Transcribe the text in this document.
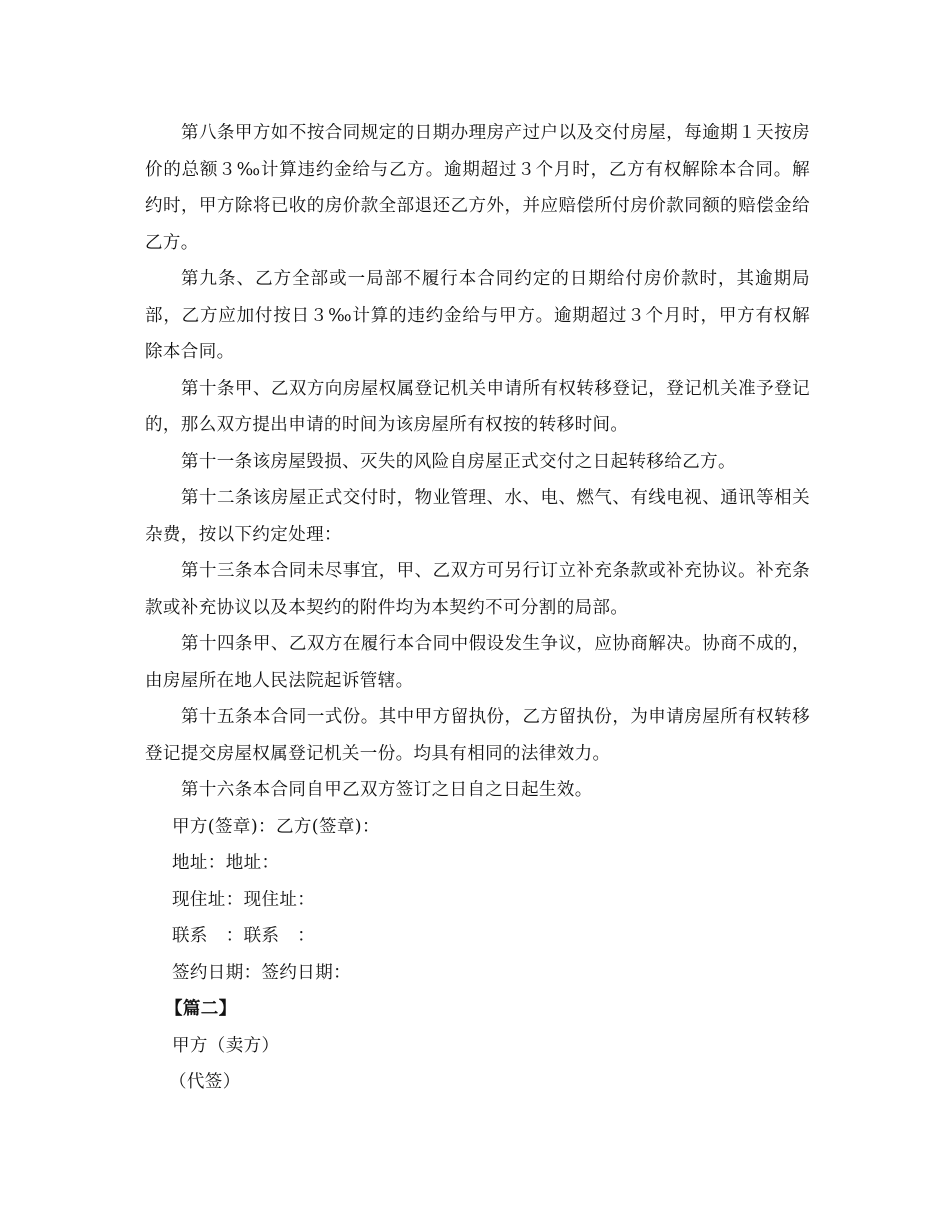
第八条甲方如不按合同规定的日期办理房产过户以及交付房屋，每逾期１天按房价的总额３‰计算违约金给与乙方。逾期超过３个月时，乙方有权解除本合同。解约时，甲方除将已收的房价款全部退还乙方外，并应赔偿所付房价款同额的赔偿金给乙方。

第九条、乙方全部或一局部不履行本合同约定的日期给付房价款时，其逾期局部，乙方应加付按日３‰计算的违约金给与甲方。逾期超过３个月时，甲方有权解除本合同。

第十条甲、乙双方向房屋权属登记机关申请所有权转移登记，登记机关准予登记的，那么双方提出申请的时间为该房屋所有权按的转移时间。

第十一条该房屋毁损、灭失的风险自房屋正式交付之日起转移给乙方。

第十二条该房屋正式交付时，物业管理、水、电、燃气、有线电视、通讯等相关杂费，按以下约定处理：

第十三条本合同未尽事宜，甲、乙双方可另行订立补充条款或补充协议。补充条款或补充协议以及本契约的附件均为本契约不可分割的局部。

第十四条甲、乙双方在履行本合同中假设发生争议，应协商解决。协商不成的，由房屋所在地人民法院起诉管辖。

第十五条本合同一式份。其中甲方留执份，乙方留执份，为申请房屋所有权转移登记提交房屋权属登记机关一份。均具有相同的法律效力。

第十六条本合同自甲乙双方签订之日自之日起生效。

甲方(签章)：乙方(签章)：

地址：地址：

现住址：现住址：

联系　：联系　：

签约日期：签约日期：

【篇二】

甲方（卖方）

（代签）
